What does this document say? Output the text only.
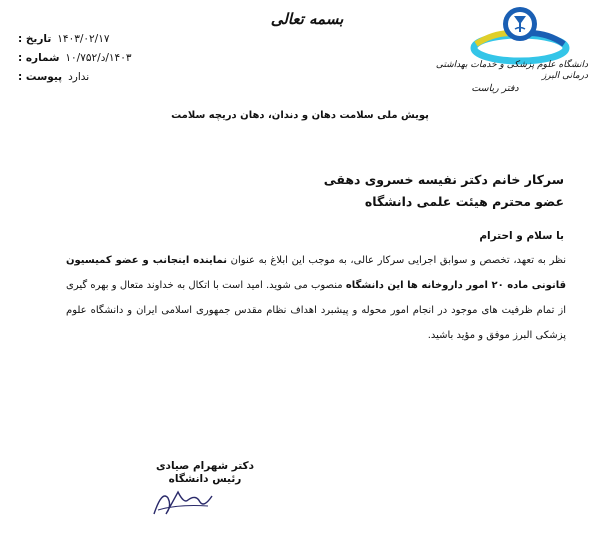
بسمه تعالی
تاریخ : ۱۴۰۳/۰۲/۱۷
شماره : ۱۴۰۳/د/۱۰/۷۵۲
پیوست : ندارد
دانشگاه علوم پزشکی و خدمات بهداشتی درمانی البرز
دفتر ریاست
پویش ملی سلامت دهان و دندان، دهان دریچه سلامت
سرکار خانم دکتر نفیسه خسروی دهقی
عضو محترم هیئت علمی دانشگاه
با سلام و احترام
نظر به تعهد، تخصص و سوابق اجرایی سرکار عالی، به موجب این ابلاغ به عنوان نماینده اینجانب و عضو کمیسیون قانونی ماده ۲۰ امور داروخانه ها این دانشگاه منصوب می شوید. امید است با اتکال به خداوند متعال و بهره گیری از تمام ظرفیت های موجود در انجام امور محوله و پیشبرد اهداف نظام مقدس جمهوری اسلامی ایران و دانشگاه علوم پزشکی البرز موفق و مؤید باشید.
دکتر شهرام صیادی
رئیس دانشگاه
